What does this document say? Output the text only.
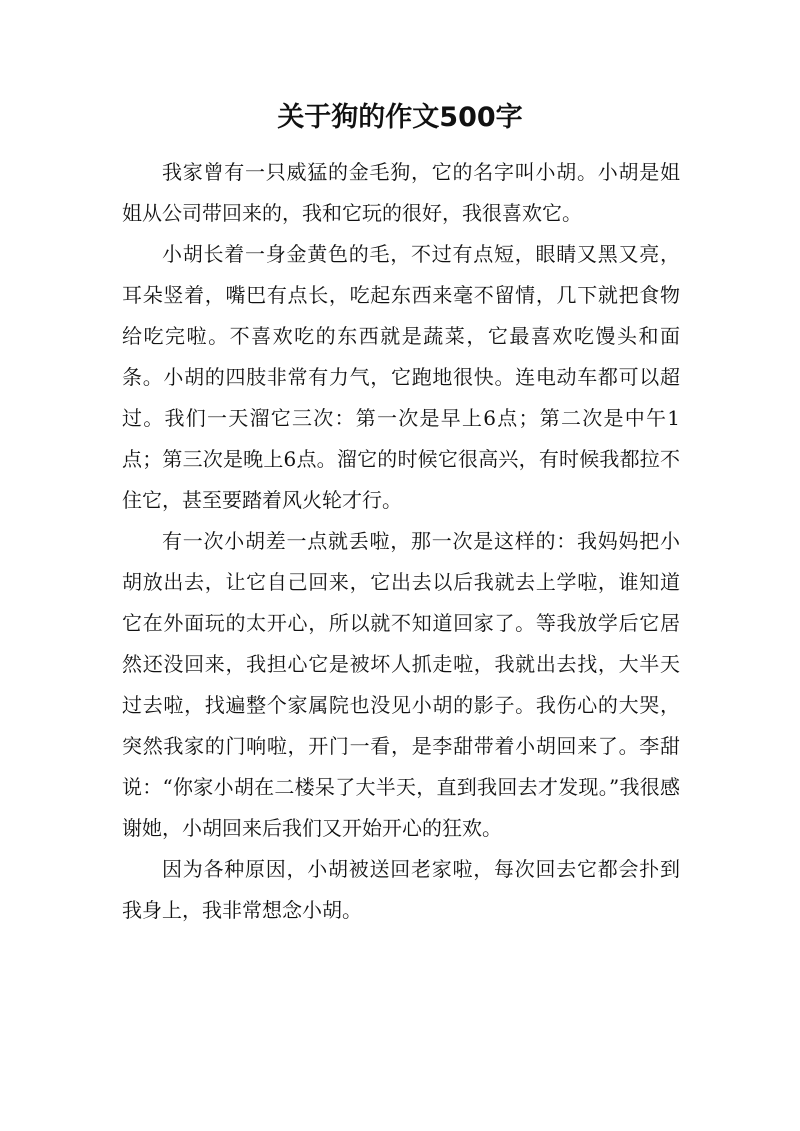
关于狗的作文500字

我家曾有一只威猛的金毛狗，它的名字叫小胡。小胡是姐姐从公司带回来的，我和它玩的很好，我很喜欢它。

小胡长着一身金黄色的毛，不过有点短，眼睛又黑又亮，耳朵竖着，嘴巴有点长，吃起东西来毫不留情，几下就把食物给吃完啦。不喜欢吃的东西就是蔬菜，它最喜欢吃馒头和面条。小胡的四肢非常有力气，它跑地很快。连电动车都可以超过。我们一天溜它三次：第一次是早上6点；第二次是中午1点；第三次是晚上6点。溜它的时候它很高兴，有时候我都拉不住它，甚至要踏着风火轮才行。

有一次小胡差一点就丢啦，那一次是这样的：我妈妈把小胡放出去，让它自己回来，它出去以后我就去上学啦，谁知道它在外面玩的太开心，所以就不知道回家了。等我放学后它居然还没回来，我担心它是被坏人抓走啦，我就出去找，大半天过去啦，找遍整个家属院也没见小胡的影子。我伤心的大哭，突然我家的门响啦，开门一看，是李甜带着小胡回来了。李甜说：“你家小胡在二楼呆了大半天，直到我回去才发现。”我很感谢她，小胡回来后我们又开始开心的狂欢。

因为各种原因，小胡被送回老家啦，每次回去它都会扑到我身上，我非常想念小胡。
